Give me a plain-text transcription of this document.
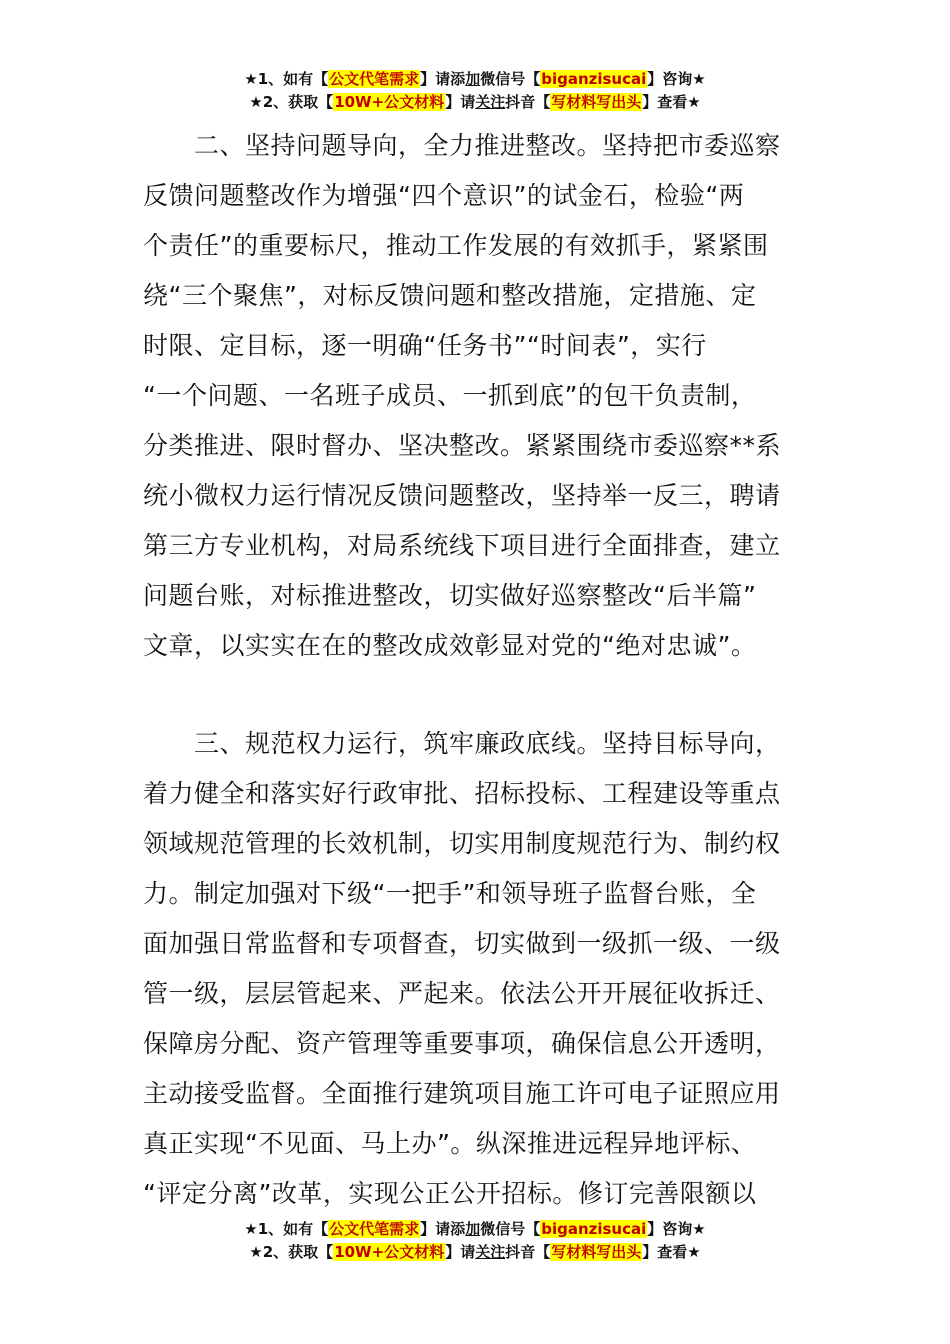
★1、如有【公文代笔需求】请添加微信号【biganzisucai】咨询★
★2、获取【10W+公文材料】请关注抖音【写材料写出头】查看★
　　二、坚持问题导向，全力推进整改。坚持把市委巡察
反馈问题整改作为增强“四个意识”的试金石，检验“两
个责任”的重要标尺，推动工作发展的有效抓手，紧紧围
绕“三个聚焦”，对标反馈问题和整改措施，定措施、定
时限、定目标，逐一明确“任务书”“时间表”，实行
“一个问题、一名班子成员、一抓到底”的包干负责制，
分类推进、限时督办、坚决整改。紧紧围绕市委巡察**系
统小微权力运行情况反馈问题整改，坚持举一反三，聘请
第三方专业机构，对局系统线下项目进行全面排查，建立
问题台账，对标推进整改，切实做好巡察整改“后半篇”
文章，以实实在在的整改成效彰显对党的“绝对忠诚”。
　　三、规范权力运行，筑牢廉政底线。坚持目标导向，
着力健全和落实好行政审批、招标投标、工程建设等重点
领域规范管理的长效机制，切实用制度规范行为、制约权
力。制定加强对下级“一把手”和领导班子监督台账，全
面加强日常监督和专项督查，切实做到一级抓一级、一级
管一级，层层管起来、严起来。依法公开开展征收拆迁、
保障房分配、资产管理等重要事项，确保信息公开透明，
主动接受监督。全面推行建筑项目施工许可电子证照应用
真正实现“不见面、马上办”。纵深推进远程异地评标、
“评定分离”改革，实现公正公开招标。修订完善限额以
★1、如有【公文代笔需求】请添加微信号【biganzisucai】咨询★
★2、获取【10W+公文材料】请关注抖音【写材料写出头】查看★
